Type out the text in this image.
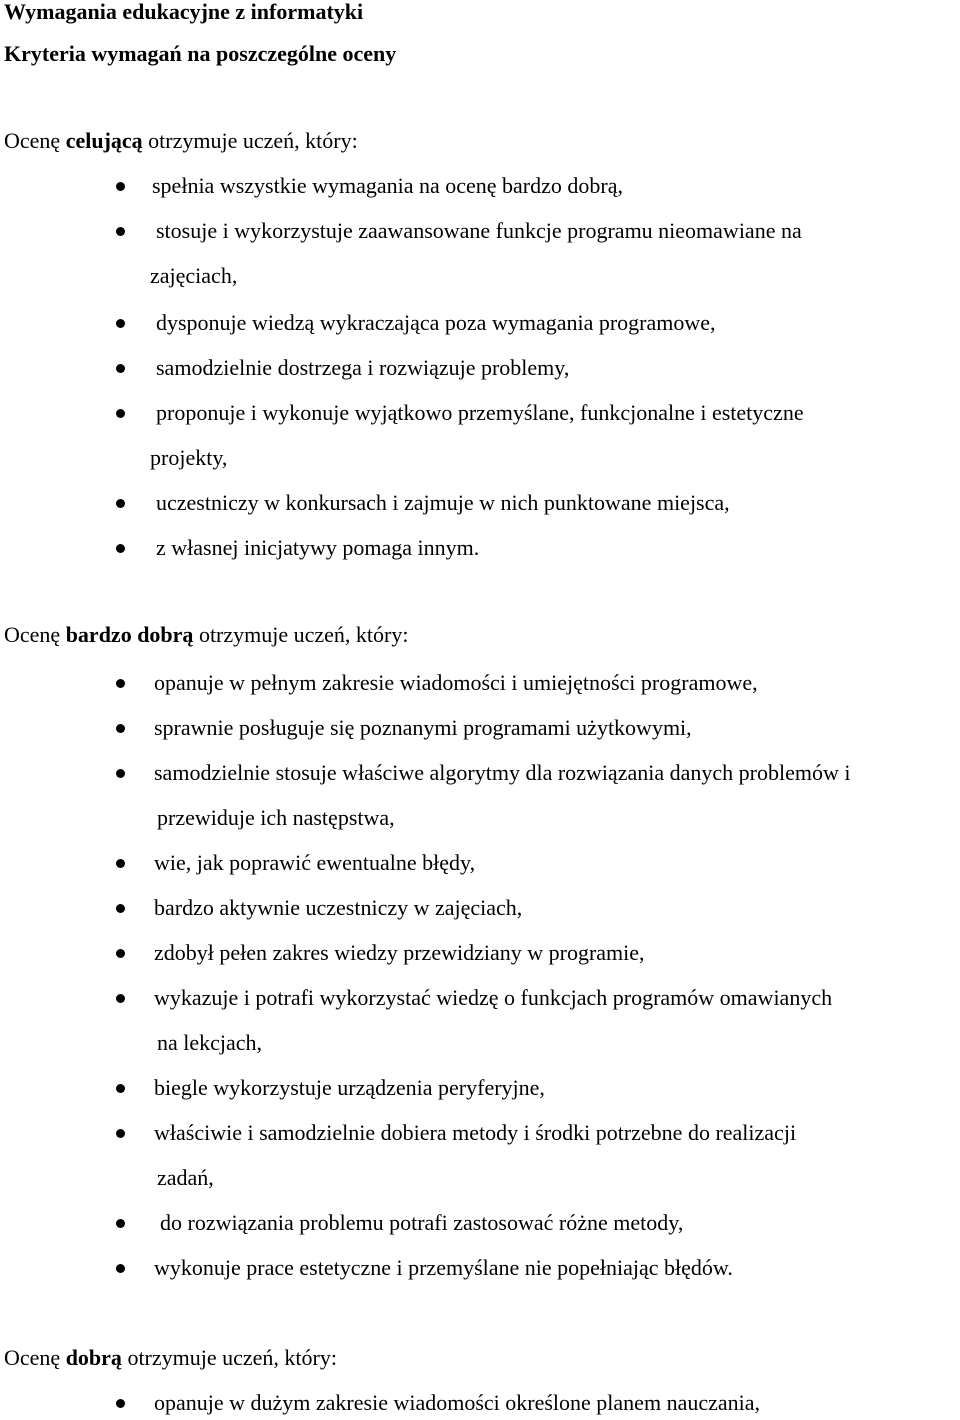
Wymagania edukacyjne z informatyki
Kryteria wymagań na poszczególne oceny
Ocenę celującą otrzymuje uczeń, który:
spełnia wszystkie wymagania na ocenę bardzo dobrą,
stosuje i wykorzystuje zaawansowane funkcje programu nieomawiane na
zajęciach,
dysponuje wiedzą wykraczająca poza wymagania programowe,
samodzielnie dostrzega i rozwiązuje problemy,
proponuje i wykonuje wyjątkowo przemyślane, funkcjonalne i estetyczne
projekty,
uczestniczy w konkursach i zajmuje w nich punktowane miejsca,
z własnej inicjatywy pomaga innym.
Ocenę bardzo dobrą otrzymuje uczeń, który:
opanuje w pełnym zakresie wiadomości i umiejętności programowe,
sprawnie posługuje się poznanymi programami użytkowymi,
samodzielnie stosuje właściwe algorytmy dla rozwiązania danych problemów i
przewiduje ich następstwa,
wie, jak poprawić ewentualne błędy,
bardzo aktywnie uczestniczy w zajęciach,
zdobył pełen zakres wiedzy przewidziany w programie,
wykazuje i potrafi wykorzystać wiedzę o funkcjach programów omawianych
na lekcjach,
biegle wykorzystuje urządzenia peryferyjne,
właściwie i samodzielnie dobiera metody i środki potrzebne do realizacji
zadań,
do rozwiązania problemu potrafi zastosować różne metody,
wykonuje prace estetyczne i przemyślane nie popełniając błędów.
Ocenę dobrą otrzymuje uczeń, który:
opanuje w dużym zakresie wiadomości określone planem nauczania,
